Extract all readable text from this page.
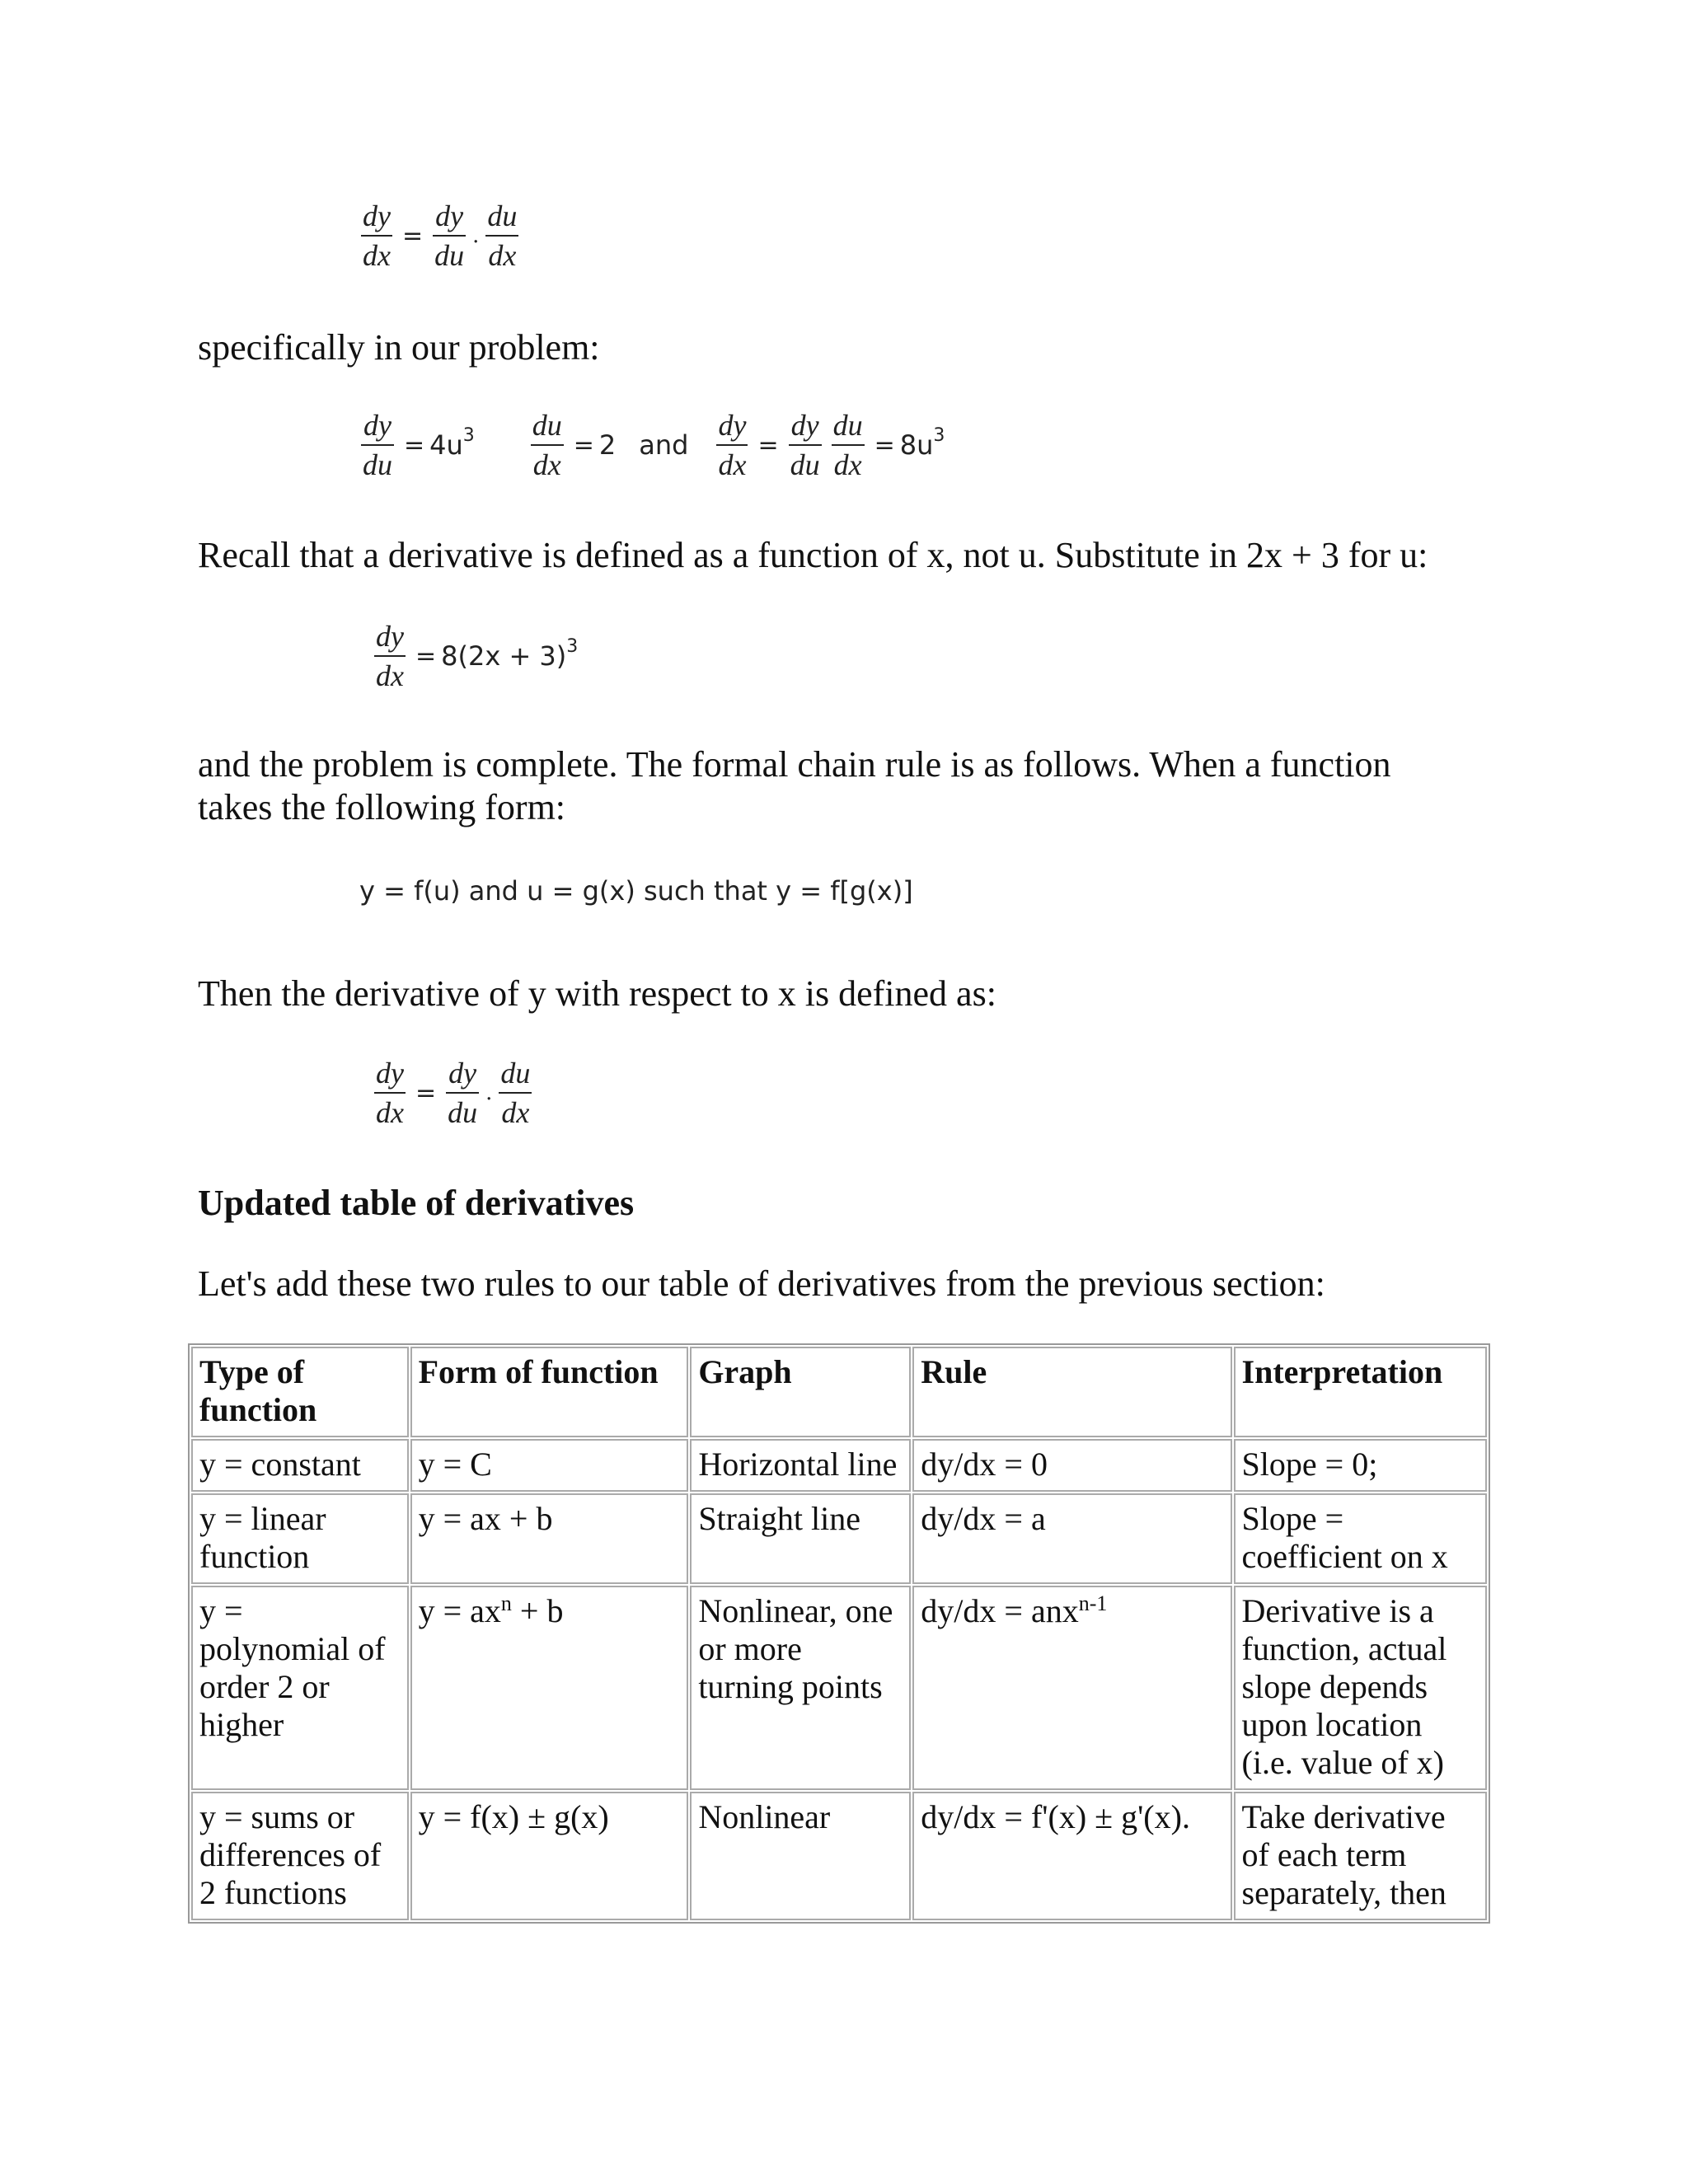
$\frac{dy}{dx} = \frac{dy}{du} \cdot \frac{du}{dx}$

specifically in our problem:

$\frac{dy}{du} = 4u^3 \frac{du}{dx} = 2$ and $\frac{dy}{dx} = \frac{dy}{du} \frac{du}{dx} = 8u^3$

Recall that a derivative is defined as a function of x, not u. Substitute in 2x + 3 for u:

$\frac{dy}{dx} = 8(2x + 3)^3$

and the problem is complete. The formal chain rule is as follows. When a function

takes the following form:

y = f(u) and u = g(x) such that y = f[g(x)]

Then the derivative of y with respect to x is defined as:

$\frac{dy}{dx} = \frac{dy}{du} \cdot \frac{du}{dx}$

Updated table of derivatives

Let's add these two rules to our table of derivatives from the previous section:

Type of function	Form of function	Graph	Rule	Interpretation
y = constant	y = C	Horizontal line	dy/dx = 0	Slope = 0;
y = linear function	y = ax + b	Straight line	dy/dx = a	Slope = coefficient on x
y = polynomial of order 2 or higher	$y = ax^n + b$	Nonlinear, one or more turning points	dy/dx = anx$^{n-1}$	Derivative is a function, actual slope depends upon location (i.e. value of x)
y = sums or differences of 2 functions	y = f(x) ± g(x)	Nonlinear	dy/dx = f'(x) ± g'(x).	Take derivative of each term separately, then
